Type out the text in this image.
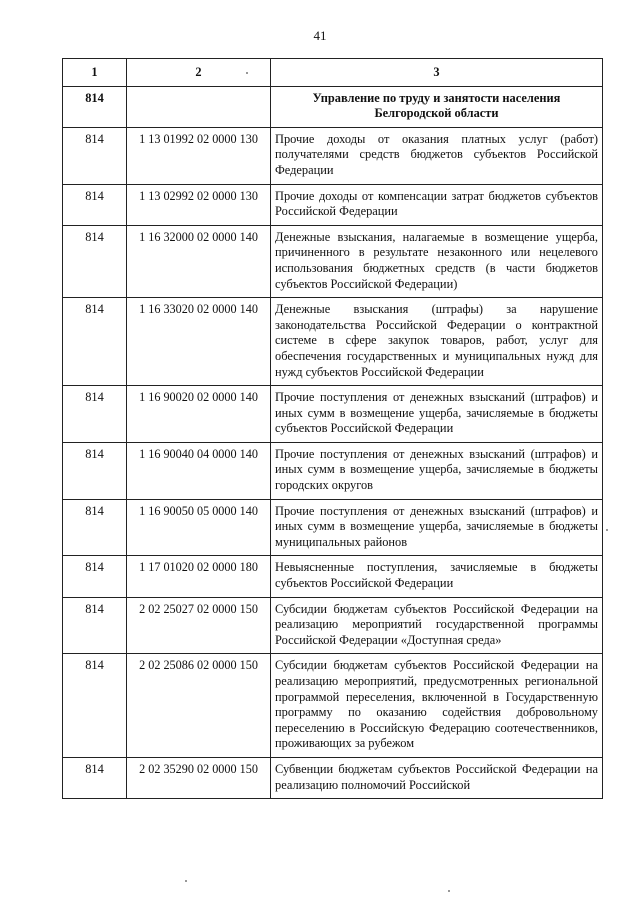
41
1	2	3
814		Управление по труду и занятости населения Белгородской области
814	1 13 01992 02 0000 130	Прочие доходы от оказания платных услуг (работ) получателями средств бюджетов субъектов Российской Федерации
814	1 13 02992 02 0000 130	Прочие доходы от компенсации затрат бюджетов субъектов Российской Федерации
814	1 16 32000 02 0000 140	Денежные взыскания, налагаемые в возмещение ущерба, причиненного в результате незаконного или нецелевого использования бюджетных средств (в части бюджетов субъектов Российской Федерации)
814	1 16 33020 02 0000 140	Денежные взыскания (штрафы) за нарушение законодательства Российской Федерации о контрактной системе в сфере закупок товаров, работ, услуг для обеспечения государственных и муниципальных нужд для нужд субъектов Российской Федерации
814	1 16 90020 02 0000 140	Прочие поступления от денежных взысканий (штрафов) и иных сумм в возмещение ущерба, зачисляемые в бюджеты субъектов Российской Федерации
814	1 16 90040 04 0000 140	Прочие поступления от денежных взысканий (штрафов) и иных сумм в возмещение ущерба, зачисляемые в бюджеты городских округов
814	1 16 90050 05 0000 140	Прочие поступления от денежных взысканий (штрафов) и иных сумм в возмещение ущерба, зачисляемые в бюджеты муниципальных районов
814	1 17 01020 02 0000 180	Невыясненные поступления, зачисляемые в бюджеты субъектов Российской Федерации
814	2 02 25027 02 0000 150	Субсидии бюджетам субъектов Российской Федерации на реализацию мероприятий государственной программы Российской Федерации «Доступная среда»
814	2 02 25086 02 0000 150	Субсидии бюджетам субъектов Российской Федерации на реализацию мероприятий, предусмотренных региональной программой переселения, включенной в Государственную программу по оказанию содействия добровольному переселению в Российскую Федерацию соотечественников, проживающих за рубежом
814	2 02 35290 02 0000 150	Субвенции бюджетам субъектов Российской Федерации на реализацию полномочий Российской
